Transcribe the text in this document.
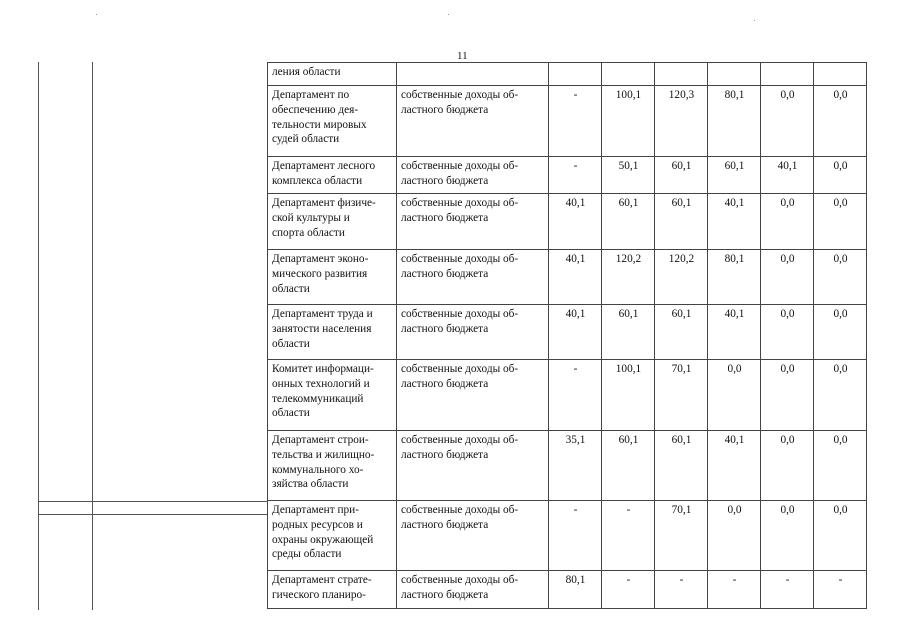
11
ления области							
Департамент по
обеспечению дея-
тельности мировых
судей области	собственные доходы об-
ластного бюджета	-	100,1	120,3	80,1	0,0	0,0
Департамент лесного
комплекса области	собственные доходы об-
ластного бюджета	-	50,1	60,1	60,1	40,1	0,0
Департамент физиче-
ской культуры и
спорта области	собственные доходы об-
ластного бюджета	40,1	60,1	60,1	40,1	0,0	0,0
Департамент эконо-
мического развития
области	собственные доходы об-
ластного бюджета	40,1	120,2	120,2	80,1	0,0	0,0
Департамент труда и
занятости населения
области	собственные доходы об-
ластного бюджета	40,1	60,1	60,1	40,1	0,0	0,0
Комитет информаци-
онных технологий и
телекоммуникаций
области	собственные доходы об-
ластного бюджета	-	100,1	70,1	0,0	0,0	0,0
Департамент строи-
тельства и жилищно-
коммунального хо-
зяйства области	собственные доходы об-
ластного бюджета	35,1	60,1	60,1	40,1	0,0	0,0
Департамент при-
родных ресурсов и
охраны окружающей
среды области	собственные доходы об-
ластного бюджета	-	-	70,1	0,0	0,0	0,0
Департамент страте-
гического планиро-	собственные доходы об-
ластного бюджета	80,1	-	-	-	-	-
